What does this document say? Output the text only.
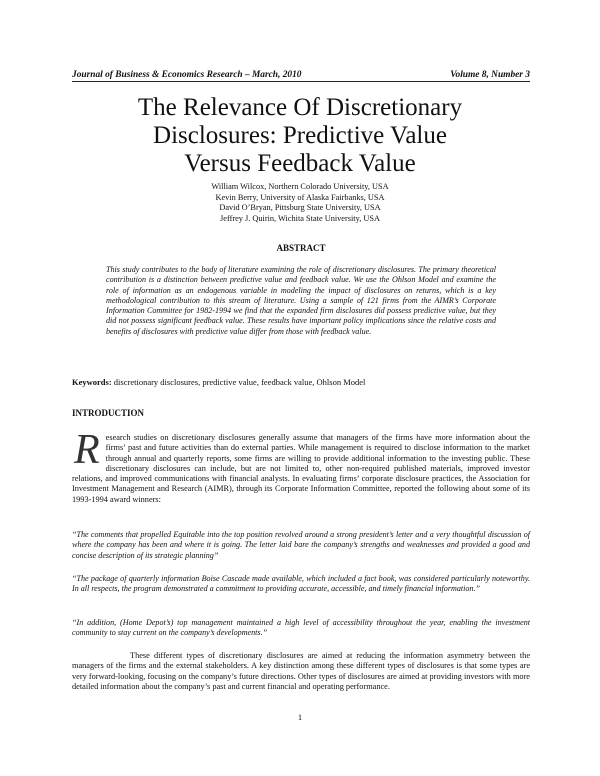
Journal of Business & Economics Research – March, 2010	Volume 8, Number 3
The Relevance Of Discretionary
Disclosures: Predictive Value
Versus Feedback Value
William Wilcox, Northern Colorado University, USA
Kevin Berry, University of Alaska Fairbanks, USA
David O’Bryan, Pittsburg State University, USA
Jeffrey J. Quirin, Wichita State University, USA
ABSTRACT
This study contributes to the body of literature examining the role of discretionary disclosures. The primary theoretical contribution is a distinction between predictive value and feedback value. We use the Ohlson Model and examine the role of information as an endogenous variable in modeling the impact of disclosures on returns, which is a key methodological contribution to this stream of literature. Using a sample of 121 firms from the AIMR’s Corporate Information Committee for 1982-1994 we find that the expanded firm disclosures did possess predictive value, but they did not possess significant feedback value. These results have important policy implications since the relative costs and benefits of disclosures with predictive value differ from those with feedback value.
Keywords: discretionary disclosures, predictive value, feedback value, Ohlson Model
INTRODUCTION
Research studies on discretionary disclosures generally assume that managers of the firms have more information about the firms’ past and future activities than do external parties. While management is required to disclose information to the market through annual and quarterly reports, some firms are willing to provide additional information to the investing public. These discretionary disclosures can include, but are not limited to, other non-required published materials, improved investor relations, and improved communications with financial analysts. In evaluating firms’ corporate disclosure practices, the Association for Investment Management and Research (AIMR), through its Corporate Information Committee, reported the following about some of its 1993-1994 award winners:
“The comments that propelled Equitable into the top position revolved around a strong president’s letter and a very thoughtful discussion of where the company has been and where it is going. The letter laid bare the company’s strengths and weaknesses and provided a good and concise description of its strategic planning”
“The package of quarterly information Boise Cascade made available, which included a fact book, was considered particularly noteworthy. In all respects, the program demonstrated a commitment to providing accurate, accessible, and timely financial information.”
“In addition, (Home Depot’s) top management maintained a high level of accessibility throughout the year, enabling the investment community to stay current on the company’s developments.”
These different types of discretionary disclosures are aimed at reducing the information asymmetry between the managers of the firms and the external stakeholders. A key distinction among these different types of disclosures is that some types are very forward-looking, focusing on the company’s future directions. Other types of disclosures are aimed at providing investors with more detailed information about the company’s past and current financial and operating performance.
1
